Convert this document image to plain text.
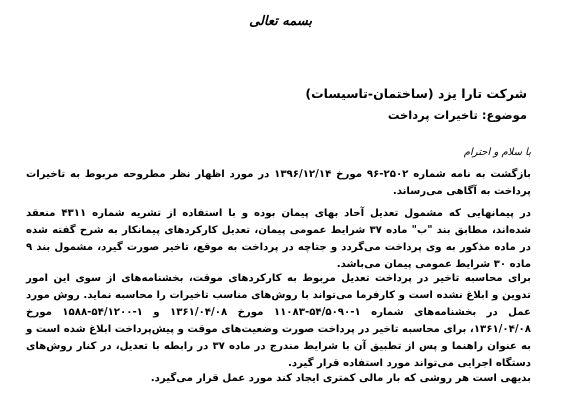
بسمه تعالی
شرکت تارا یزد (ساختمان-تاسیسات)
موضوع: تاخیرات پرداخت
با سلام و احترام
بازگشت به نامه شماره ۲۵۰۲-۹۶ مورخ ۱۳۹۶/۱۲/۱۴ در مورد اظهار نظر مطروحه مربوط به تاخیرات پرداخت به آگاهی می‌رساند.
در پیمانهایی که مشمول تعدیل آحاد بهای پیمان بوده و با استفاده از تشریه شماره ۴۳۱۱ منعقد شده‌اند، مطابق بند "ب" ماده ۳۷ شرایط عمومی پیمان، تعدیل کارکردهای پیمانکار به شرح گفته شده در ماده مذکور به وی پرداخت می‌گردد و جتاچه در پرداخت به موقع، تاخیر صورت گیرد، مشمول بند ۹ ماده ۳۰ شرایط عمومی پیمان می‌باشد.
برای محاسبه تاخیر در پرداخت تعدیل مربوط به کارکردهای موقت، بخشنامه‌های از سوی این امور تدوین و ابلاغ نشده است و کارفرما می‌تواند با روش‌های مناسب تاخیرات را محاسبه نماید. روش مورد عمل در بخشنامه‌های شماره ۱-۵۴/۵۰۹۰-۱۱۰۸۳ مورخ ۱۳۶۱/۰۴/۰۸ و ۱-۵۴/۱۲۰۰-۱۵۸۸ مورخ ۱۳۶۱/۰۴/۰۸، برای محاسبه تاخیر در پرداخت صورت وضعیت‌های موقت و پیش‌پرداخت ابلاغ شده است و به عنوان راهنما و پس از تطبیق آن با شرایط مندرج در ماده ۳۷ در رابطه با تعدیل، در کنار روش‌های دستگاه اجرایی می‌تواند مورد استفاده قرار گیرد.
بدیهی است هر روشی که بار مالی کمتری ایجاد کند مورد عمل قرار می‌گیرد.
